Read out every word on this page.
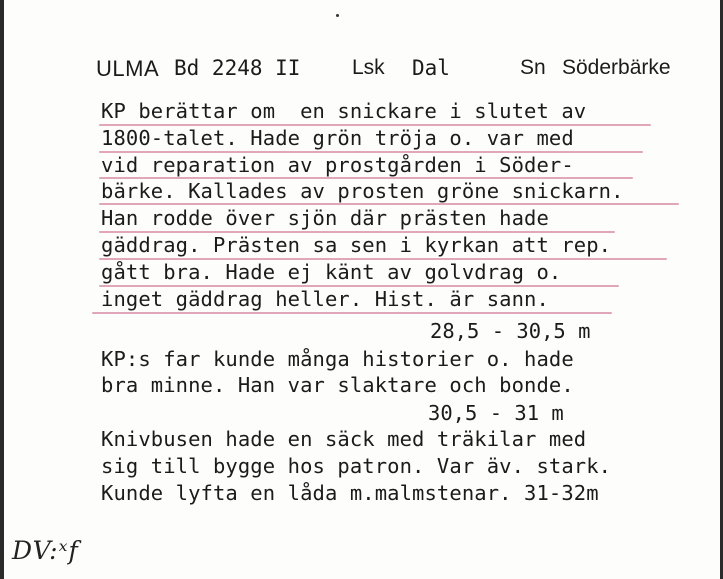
ULMA Bd 2248 II Lsk Dal	Sn Söderbärke
KP berättar om  en snickare i slutet av
1800-talet. Hade grön tröja o. var med
vid reparation av prostgården i Söder-
bärke. Kallades av prosten gröne snickarn.
Han rodde över sjön där prästen hade
gäddrag. Prästen sa sen i kyrkan att rep.
gått bra. Hade ej känt av golvdrag o.
inget gäddrag heller. Hist. är sann.
28,5 - 30,5 m
KP:s far kunde många historier o. hade
bra minne. Han var slaktare och bonde.
30,5 - 31 m
Knivbusen hade en säck med träkilar med
sig till bygge hos patron. Var äv. stark.
Kunde lyfta en låda m.malmstenar. 31-32m
DV:ˣf
